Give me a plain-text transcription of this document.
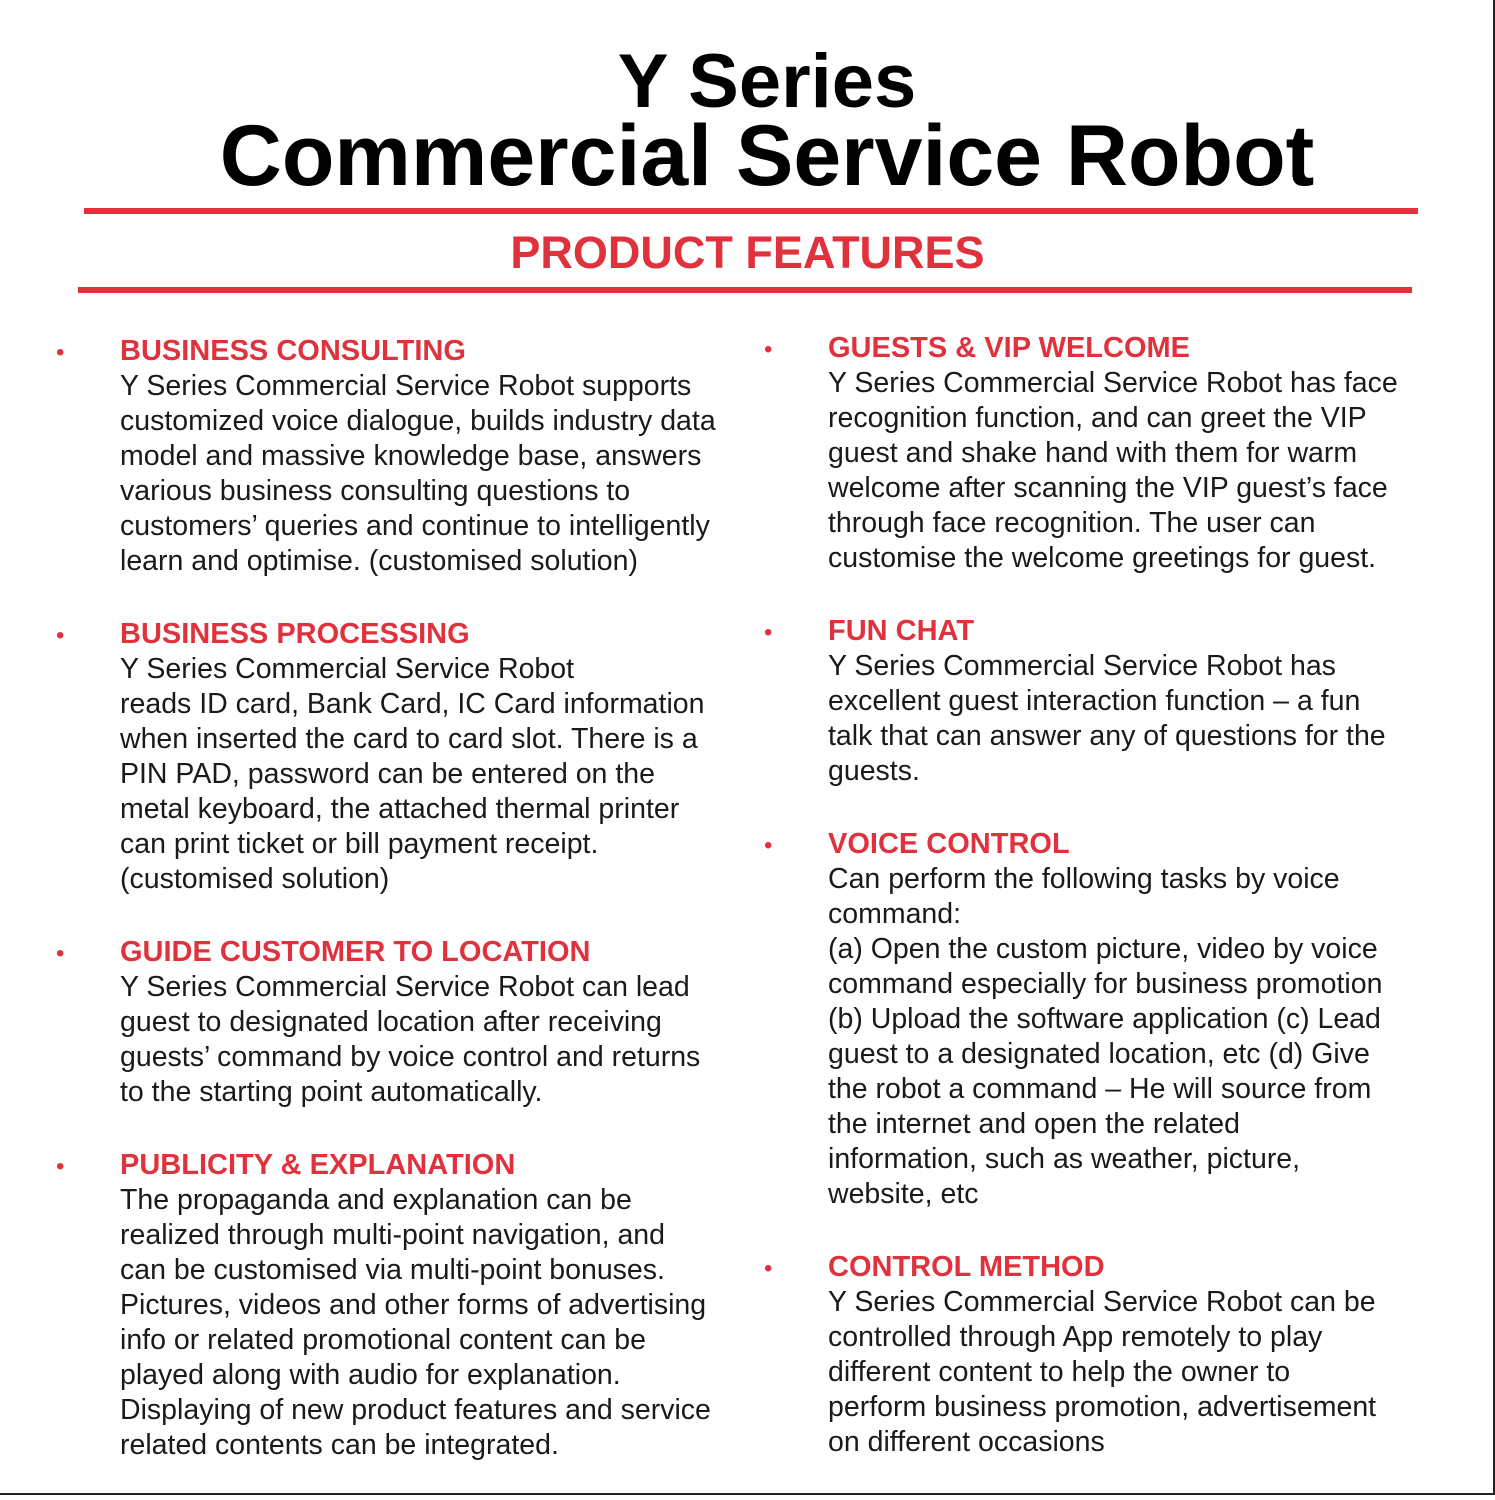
Y Series
Commercial Service Robot
PRODUCT FEATURES
• BUSINESS CONSULTING

Y Series Commercial Service Robot supports
customized voice dialogue, builds industry data
model and massive knowledge base, answers
various business consulting questions to
customers’ queries and continue to intelligently
learn and optimise. (customised solution)

• BUSINESS PROCESSING

Y Series Commercial Service Robot
reads ID card, Bank Card, IC Card information
when inserted the card to card slot. There is a
PIN PAD, password can be entered on the
metal keyboard, the attached thermal printer
can print ticket or bill payment receipt.
(customised solution)

• GUIDE CUSTOMER TO LOCATION

Y Series Commercial Service Robot can lead
guest to designated location after receiving
guests’ command by voice control and returns
to the starting point automatically.

• PUBLICITY & EXPLANATION

The propaganda and explanation can be
realized through multi-point navigation, and
can be customised via multi-point bonuses.
Pictures, videos and other forms of advertising
info or related promotional content can be
played along with audio for explanation.
Displaying of new product features and service
related contents can be integrated.

• GUESTS & VIP WELCOME

Y Series Commercial Service Robot has face
recognition function, and can greet the VIP
guest and shake hand with them for warm
welcome after scanning the VIP guest’s face
through face recognition. The user can
customise the welcome greetings for guest.

• FUN CHAT

Y Series Commercial Service Robot has
excellent guest interaction function – a fun
talk that can answer any of questions for the
guests.

• VOICE CONTROL

Can perform the following tasks by voice
command:
(a) Open the custom picture, video by voice
command especially for business promotion
(b) Upload the software application (c) Lead
guest to a designated location, etc (d) Give
the robot a command – He will source from
the internet and open the related
information, such as weather, picture,
website, etc

• CONTROL METHOD

Y Series Commercial Service Robot can be
controlled through App remotely to play
different content to help the owner to
perform business promotion, advertisement
on different occasions
